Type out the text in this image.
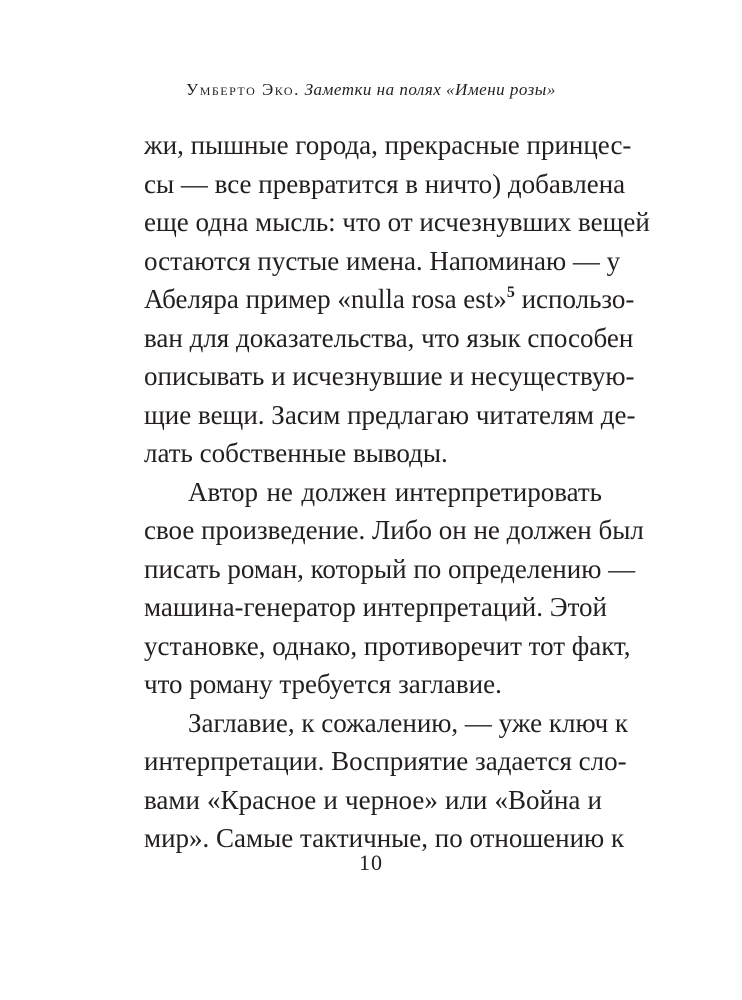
Умберто Эко. Заметки на полях «Имени розы»
жи, пышные города, прекрасные принцес-
сы — все превратится в ничто) добавлена
еще одна мысль: что от исчезнувших вещей
остаются пустые имена. Напоминаю — у
Абеляра пример «nulla rosa est»$^5$ использо-
ван для доказательства, что язык способен
описывать и исчезнувшие и несуществую-
щие вещи. Засим предлагаю читателям де-
лать собственные выводы.
Автор не должен интерпретировать
свое произведение. Либо он не должен был
писать роман, который по определению —
машина-генератор интерпретаций. Этой
установке, однако, противоречит тот факт,
что роману требуется заглавие.
Заглавие, к сожалению, — уже ключ к
интерпретации. Восприятие задается сло-
вами «Красное и черное» или «Война и
мир». Самые тактичные, по отношению к
10
